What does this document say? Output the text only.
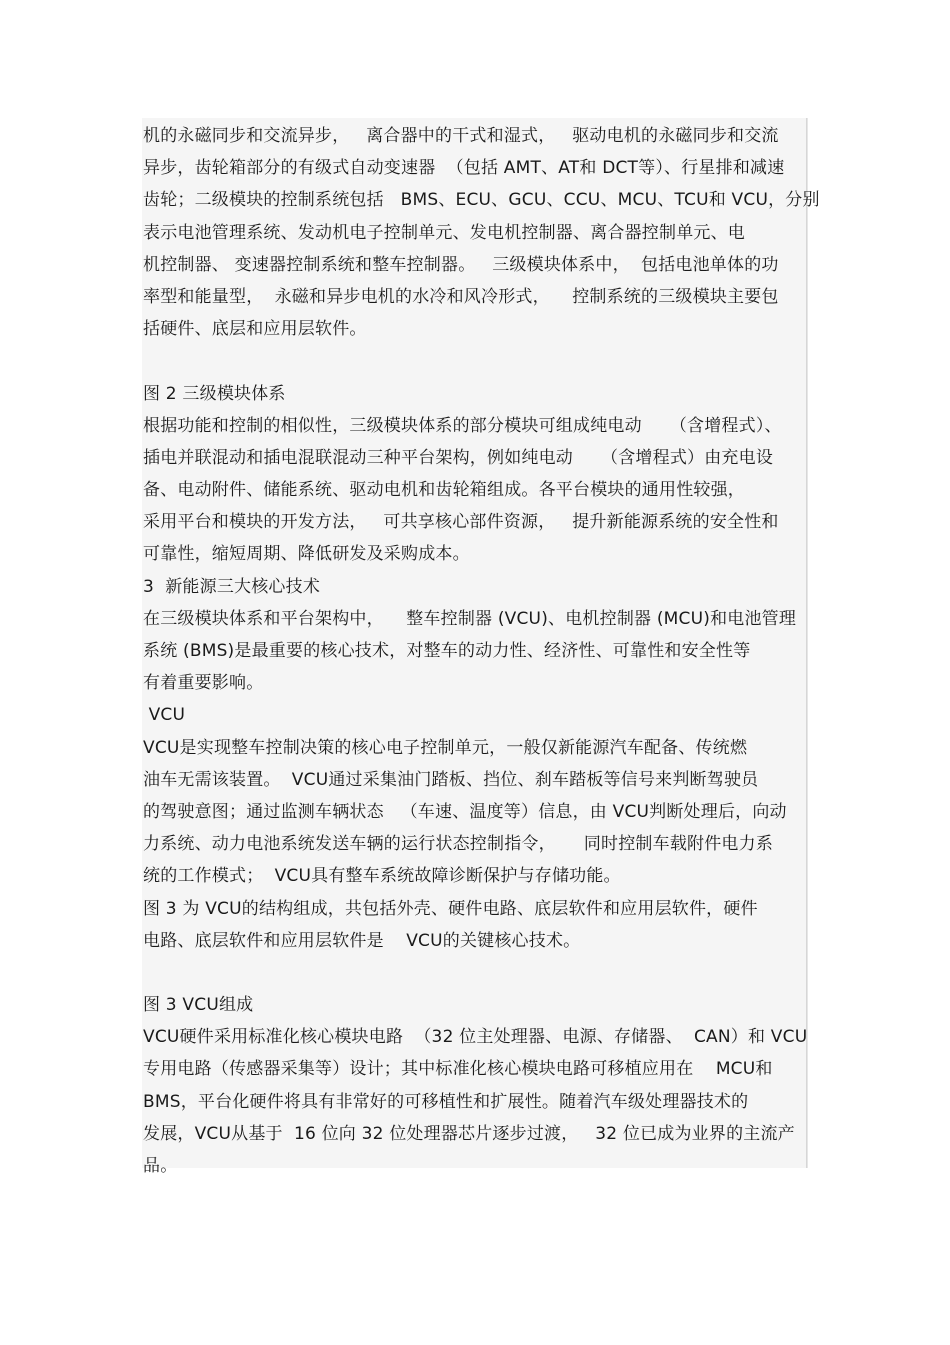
机的永磁同步和交流异步，   离合器中的干式和湿式，   驱动电机的永磁同步和交流
异步，齿轮箱部分的有级式自动变速器  （包括 AMT、AT和 DCT等）、行星排和减速
齿轮；二级模块的控制系统包括   BMS、ECU、GCU、CCU、MCU、TCU和 VCU，分别
表示电池管理系统、发动机电子控制单元、发电机控制器、离合器控制单元、电
机控制器、 变速器控制系统和整车控制器。   三级模块体系中，  包括电池单体的功
率型和能量型，  永磁和异步电机的水冷和风冷形式，    控制系统的三级模块主要包
括硬件、底层和应用层软件。
图 2 三级模块体系
根据功能和控制的相似性，三级模块体系的部分模块可组成纯电动     （含增程式）、
插电并联混动和插电混联混动三种平台架构，例如纯电动     （含增程式）由充电设
备、电动附件、储能系统、驱动电机和齿轮箱组成。各平台模块的通用性较强，
采用平台和模块的开发方法，   可共享核心部件资源，   提升新能源系统的安全性和
可靠性，缩短周期、降低研发及采购成本。
3  新能源三大核心技术
在三级模块体系和平台架构中，    整车控制器 (VCU)、电机控制器 (MCU)和电池管理
系统 (BMS)是最重要的核心技术，对整车的动力性、经济性、可靠性和安全性等
有着重要影响。
VCU
VCU是实现整车控制决策的核心电子控制单元，一般仅新能源汽车配备、传统燃
油车无需该装置。  VCU通过采集油门踏板、挡位、刹车踏板等信号来判断驾驶员
的驾驶意图；通过监测车辆状态   （车速、温度等）信息，由 VCU判断处理后，向动
力系统、动力电池系统发送车辆的运行状态控制指令，     同时控制车载附件电力系
统的工作模式；  VCU具有整车系统故障诊断保护与存储功能。
图 3 为 VCU的结构组成，共包括外壳、硬件电路、底层软件和应用层软件，硬件
电路、底层软件和应用层软件是    VCU的关键核心技术。
图 3 VCU组成
VCU硬件采用标准化核心模块电路  （32 位主处理器、电源、存储器、  CAN）和 VCU
专用电路（传感器采集等）设计；其中标准化核心模块电路可移植应用在    MCU和
BMS，平台化硬件将具有非常好的可移植性和扩展性。随着汽车级处理器技术的
发展，VCU从基于  16 位向 32 位处理器芯片逐步过渡，   32 位已成为业界的主流产
品。
